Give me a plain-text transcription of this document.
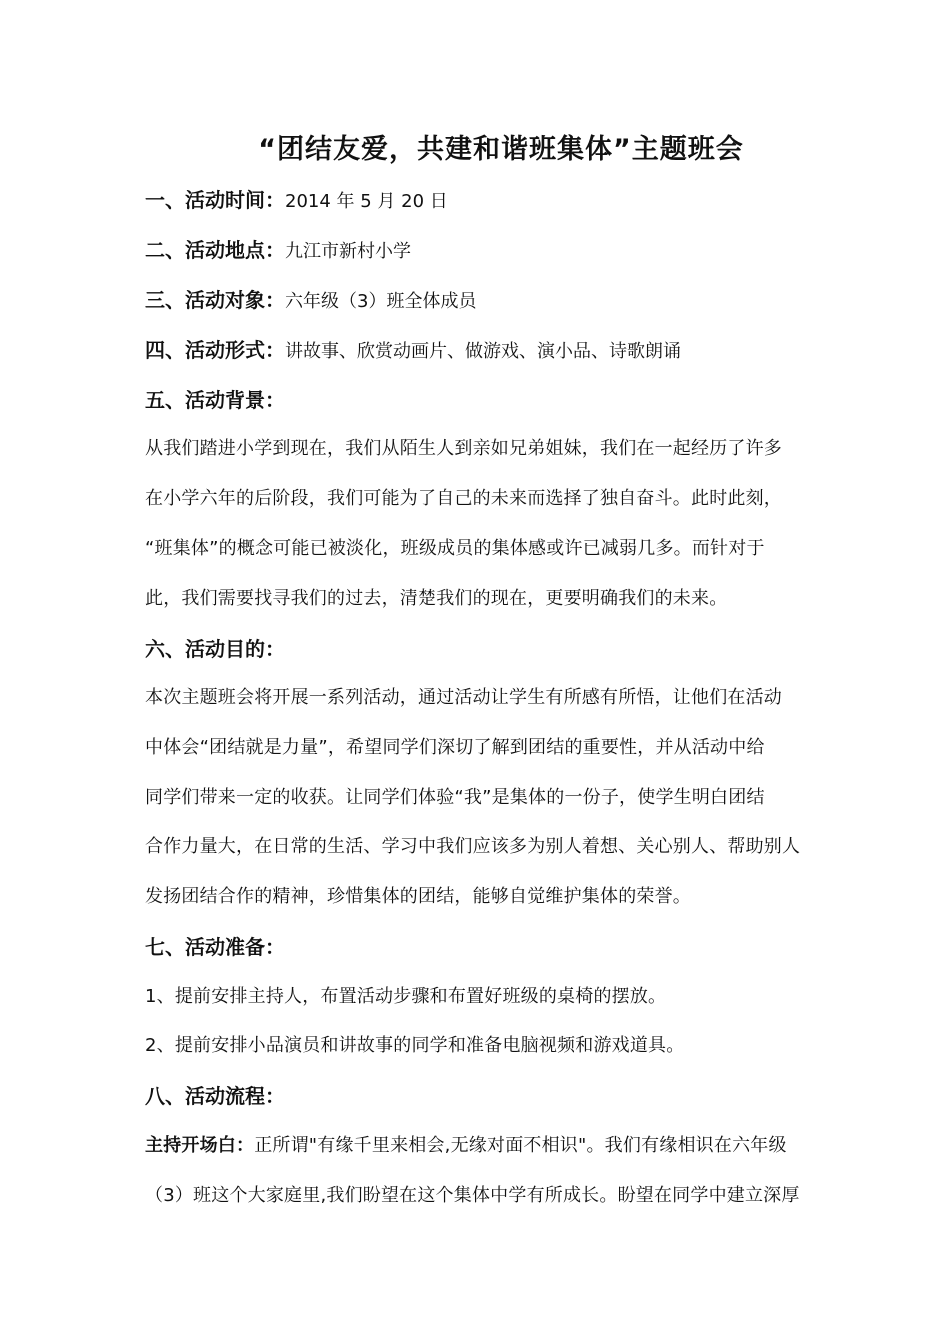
“团结友爱，共建和谐班集体”主题班会
一、活动时间：2014 年 5 月 20 日
二、活动地点：九江市新村小学
三、活动对象：六年级（3）班全体成员
四、活动形式：讲故事、欣赏动画片、做游戏、演小品、诗歌朗诵
五、活动背景：
从我们踏进小学到现在，我们从陌生人到亲如兄弟姐妹，我们在一起经历了许多
在小学六年的后阶段，我们可能为了自己的未来而选择了独自奋斗。此时此刻，
“班集体”的概念可能已被淡化，班级成员的集体感或许已减弱几多。而针对于
此，我们需要找寻我们的过去，清楚我们的现在，更要明确我们的未来。
六、活动目的：
本次主题班会将开展一系列活动，通过活动让学生有所感有所悟，让他们在活动
中体会“团结就是力量”，希望同学们深切了解到团结的重要性，并从活动中给
同学们带来一定的收获。让同学们体验“我”是集体的一份子，使学生明白团结
合作力量大，在日常的生活、学习中我们应该多为别人着想、关心别人、帮助别人
发扬团结合作的精神，珍惜集体的团结，能够自觉维护集体的荣誉。
七、活动准备：
1、提前安排主持人，布置活动步骤和布置好班级的桌椅的摆放。
2、提前安排小品演员和讲故事的同学和准备电脑视频和游戏道具。
八、活动流程：
主持开场白：正所谓"有缘千里来相会,无缘对面不相识"。我们有缘相识在六年级
（3）班这个大家庭里,我们盼望在这个集体中学有所成长。盼望在同学中建立深厚
